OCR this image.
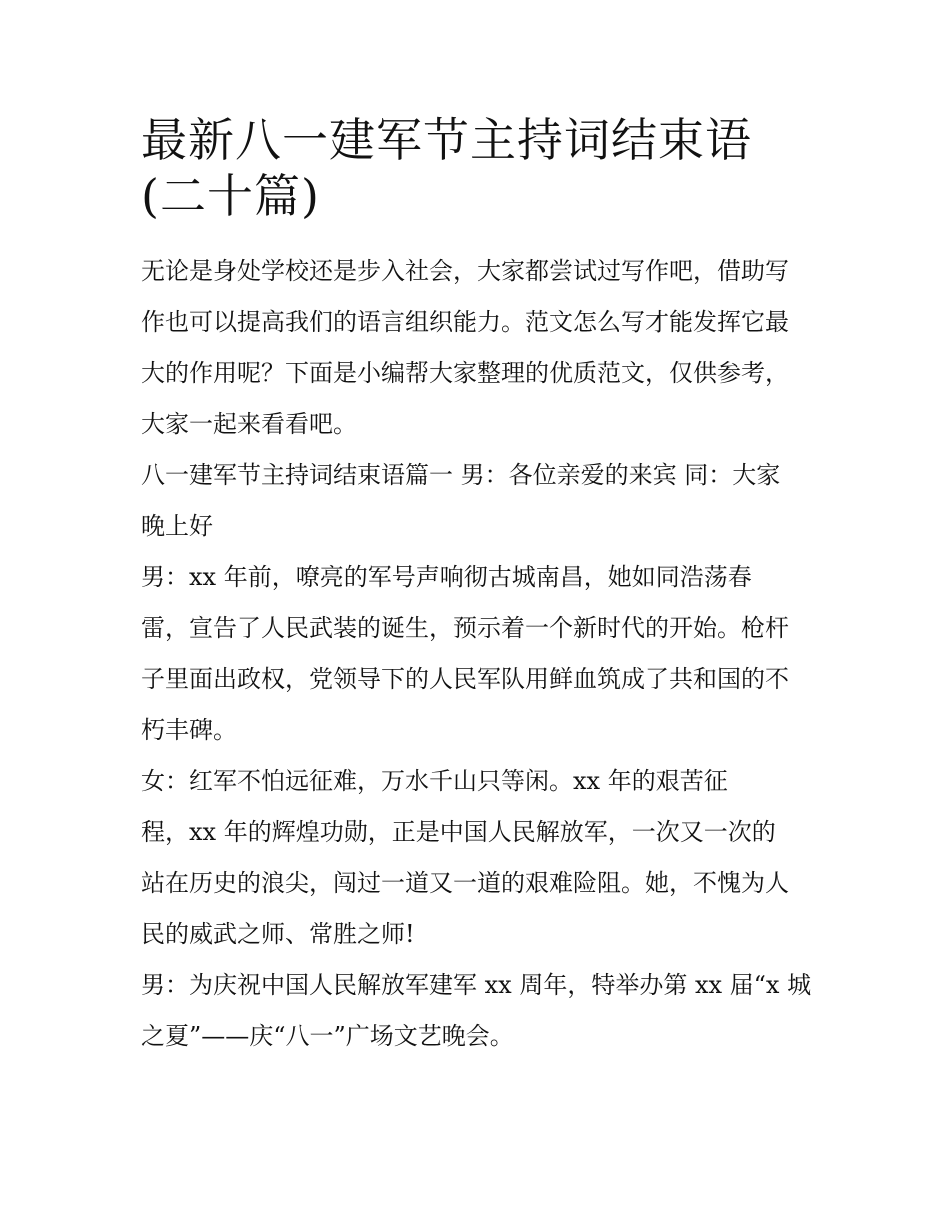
最新八一建军节主持词结束语
(二十篇)

无论是身处学校还是步入社会，大家都尝试过写作吧，借助写
作也可以提高我们的语言组织能力。范文怎么写才能发挥它最
大的作用呢？下面是小编帮大家整理的优质范文，仅供参考，
大家一起来看看吧。

八一建军节主持词结束语篇一 男：各位亲爱的来宾 同：大家
晚上好

男：xx 年前，嘹亮的军号声响彻古城南昌，她如同浩荡春
雷，宣告了人民武装的诞生，预示着一个新时代的开始。枪杆
子里面出政权，党领导下的人民军队用鲜血筑成了共和国的不
朽丰碑。

女：红军不怕远征难，万水千山只等闲。xx 年的艰苦征
程，xx 年的辉煌功勋，正是中国人民解放军，一次又一次的
站在历史的浪尖，闯过一道又一道的艰难险阻。她，不愧为人
民的威武之师、常胜之师!

男：为庆祝中国人民解放军建军 xx 周年，特举办第 xx 届“x 城
之夏”——庆“八一”广场文艺晚会。
